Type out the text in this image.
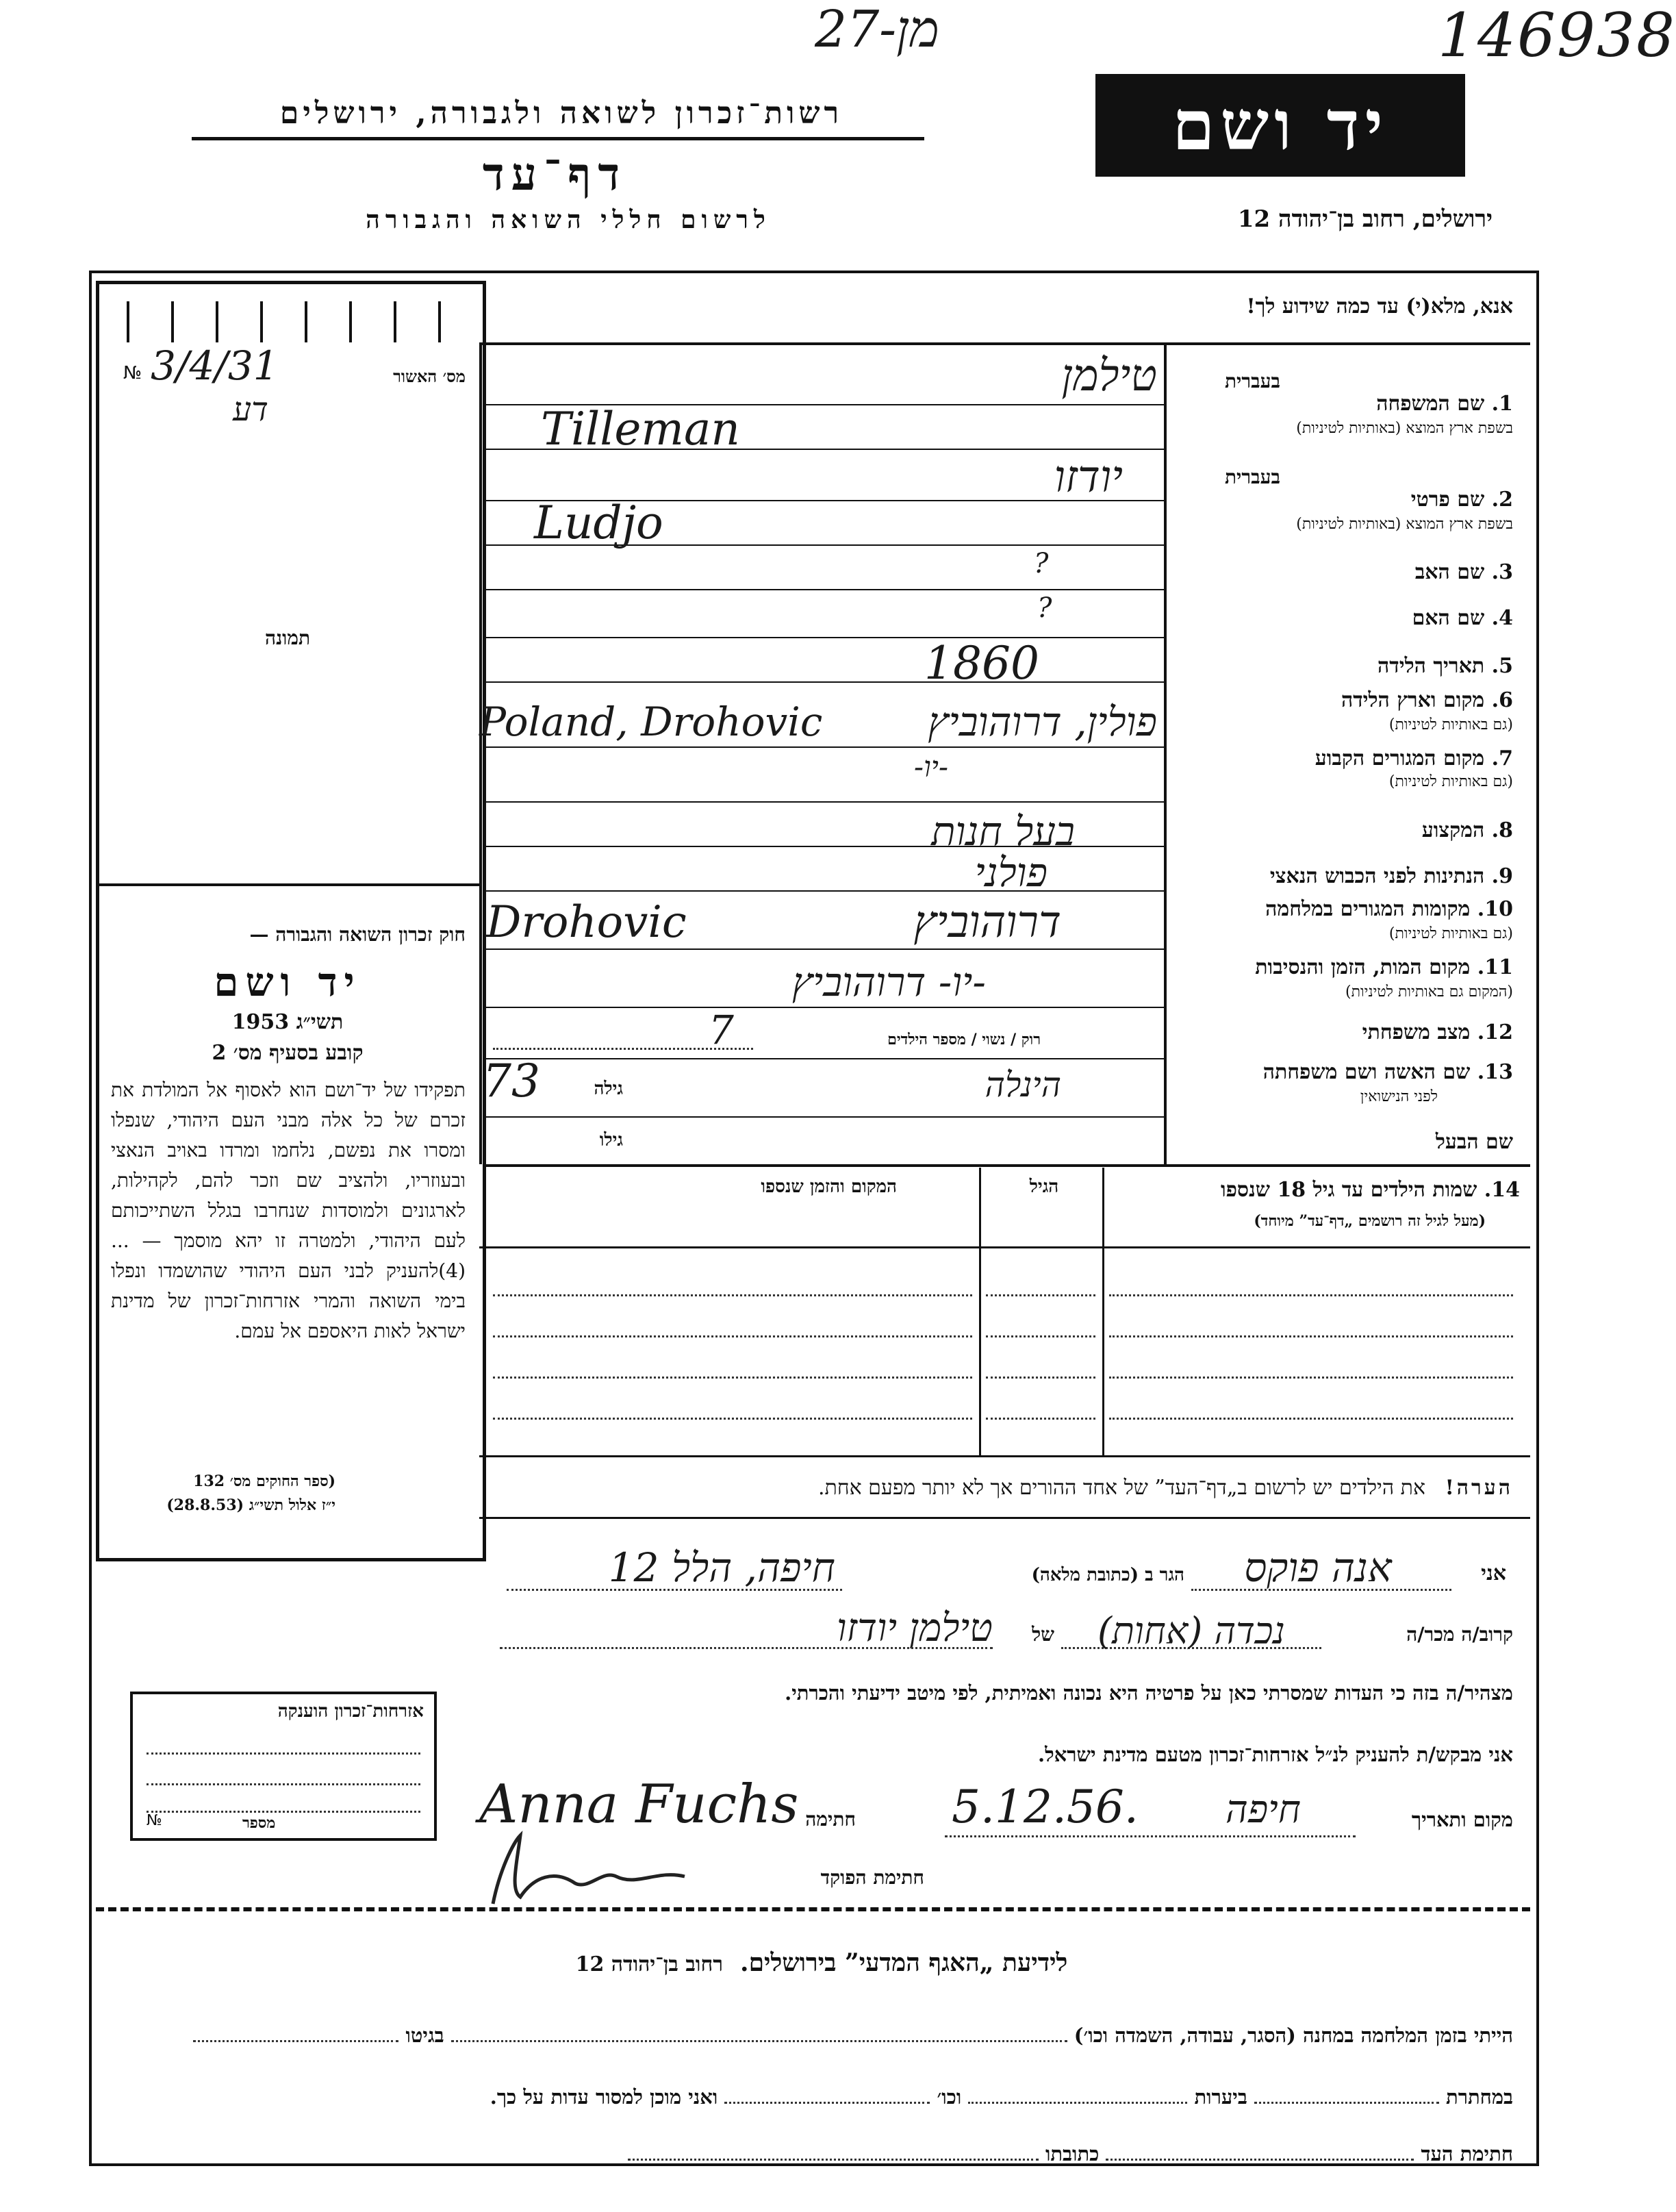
27-מן	146938
רשות־זכרון לשואה ולגבורה, ירושלים
דף־עד
לרשום חללי השואה והגבורה
יד ושם
ירושלים, רחוב בן־יהודה 12
№ 3/4/31
דע
מס׳ האשור
תמונה
חוק זכרון השואה והגבורה —
יד ושם
תשי״ג 1953
קובע בסעיף מס׳ 2
תפקידו של יד־ושם הוא לאסוף אל המולדת את זכרם של כל אלה מבני העם היהודי, שנפלו ומסרו את נפשם, נלחמו ומרדו באויב הנאצי ובעוזריו, ולהציב שם וזכר להם, לקהילות, לארגונים ולמוסדות שנחרבו בגלל השתייכותם לעם היהודי, ולמטרה זו יהא מוסמך — ...(4)להעניק לבני העם היהודי שהושמדו ונפלו בימי השואה והמרי אזרחות־זכרון של מדינת ישראל לאות היאספם אל עמם.
(ספר החוקים מס׳ 132
י״ז אלול תשי״ג (28.8.53)
אזרחות־זכרון הוענקה
מספר
№
אנא, מלא(י) עד כמה שידוע לך!
בעברית
1. שם המשפחה
בשפת ארץ המוצא (באותיות לטיניות)
טילמן
Tilleman
בעברית
2. שם פרטי
בשפת ארץ המוצא (באותיות לטיניות)
יודזו
Ludjo
3. שם האב
?
4. שם האם
?
5. תאריך הלידה
1860
6. מקום וארץ הלידה
(גם באותיות לטיניות)
Poland, Drohovic	פולין, דרוהוביץ
7. מקום המגורים הקבוע
(גם באותיות לטיניות)
-יו-
8. המקצוע
בעל חנות
9. הנתינות לפני הכבוש הנאצי
פולני
10. מקומות המגורים במלחמה
(גם באותיות לטיניות)
Drohovic	דרוהוביץ
11. מקום המות, הזמן והנסיבות
(המקום גם באותיות לטיניות)
-יו- דרוהוביץ
12. מצב משפחתי
רוק / נשוי / מספר הילדים
7
13. שם האשה ושם משפחתה
לפני הנישואין
73	גילה	הינלה
שם הבעל
גילו
14. שמות הילדים עד גיל 18 שנספו
(מעל לגיל זה רושמים „דף־עד” מיוחד)
הגיל
המקום והזמן שנספו
הערה!   את הילדים יש לרשום ב„דף־העד” של אחד ההורים אך לא יותר מפעם אחת.
אני
אנה פוקס
הגר ב (כתובת מלאה)
חיפה, הלל 12
קרוב/ה מכר/ה
נכדה (אחות)
של
טילמן יודזו
מצהיר/ה בזה כי העדות שמסרתי כאן על פרטיה היא נכונה ואמיתית, לפי מיטב ידיעתי והכרתי.
אני מבקש/ת להעניק לנ״ל אזרחות־זכרון מטעם מדינת ישראל.
מקום ותאריך
חיפה
5.12.56.
חתימה
Anna Fuchs
חתימת הפוקד
לידיעת „האגף המדעי” בירושלים.  רחוב בן־יהודה 12
הייתי בזמן המלחמה במחנה (הסגר, עבודה, השמדה וכו׳)  בגיטו
במחתרת  ביערות  וכו׳  ואני מוכן למסור עדות על כך.
חתימת העד  כתובתו
